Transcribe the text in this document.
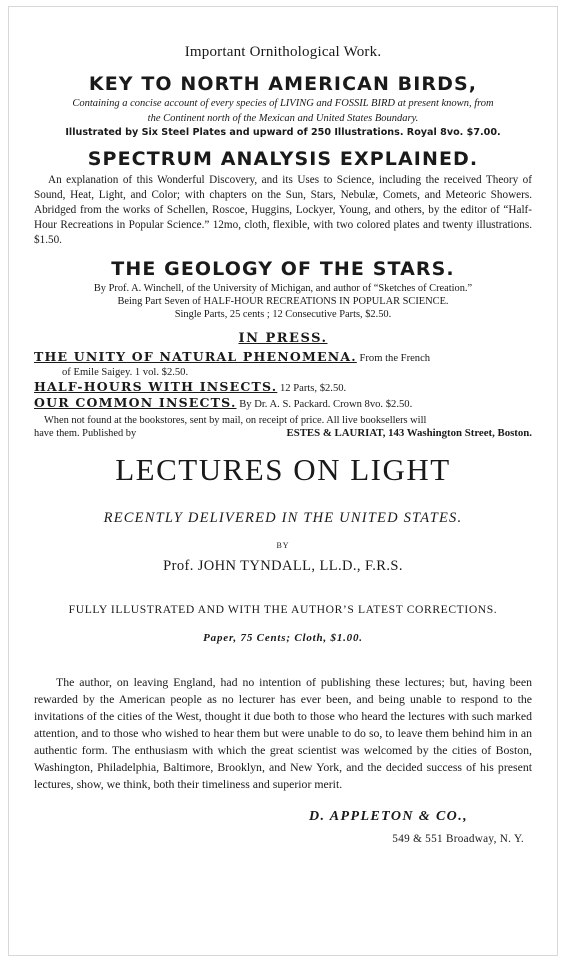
Important Ornithological Work.
KEY TO NORTH AMERICAN BIRDS,
Containing a concise account of every species of LIVING and FOSSIL BIRD at present known, from
the Continent north of the Mexican and United States Boundary.
Illustrated by Six Steel Plates and upward of 250 Illustrations. Royal 8vo. $7.00.
SPECTRUM ANALYSIS EXPLAINED.
An explanation of this Wonderful Discovery, and its Uses to Science, including the received Theory of Sound, Heat, Light, and Color; with chapters on the Sun, Stars, Nebulæ, Comets, and Meteoric Showers. Abridged from the works of Schellen, Roscoe, Huggins, Lockyer, Young, and others, by the editor of “Half-Hour Recreations in Popular Science.” 12mo, cloth, flexible, with two colored plates and twenty illustrations. $1.50.
THE GEOLOGY OF THE STARS.
By Prof. A. Winchell, of the University of Michigan, and author of “Sketches of Creation.”
Being Part Seven of HALF-HOUR RECREATIONS IN POPULAR SCIENCE.
Single Parts, 25 cents ; 12 Consecutive Parts, $2.50.
IN PRESS.
THE UNITY OF NATURAL PHENOMENA. From the French
of Emile Saigey. 1 vol. $2.50.
HALF-HOURS WITH INSECTS. 12 Parts, $2.50.
OUR COMMON INSECTS. By Dr. A. S. Packard. Crown 8vo. $2.50.
When not found at the bookstores, sent by mail, on receipt of price. All live booksellers will
have them. Published by	ESTES & LAURIAT, 143 Washington Street, Boston.
LECTURES ON LIGHT
RECENTLY DELIVERED IN THE UNITED STATES.
BY
Prof. JOHN TYNDALL, LL.D., F.R.S.
FULLY ILLUSTRATED AND WITH THE AUTHOR’S LATEST CORRECTIONS.
Paper, 75 Cents; Cloth, $1.00.
The author, on leaving England, had no intention of publishing these lectures; but, having been rewarded by the American people as no lecturer has ever been, and being unable to respond to the invitations of the cities of the West, thought it due both to those who heard the lectures with such marked attention, and to those who wished to hear them but were unable to do so, to leave them behind him in an authentic form. The enthusiasm with which the great scientist was welcomed by the cities of Boston, Washington, Philadelphia, Baltimore, Brooklyn, and New York, and the decided success of his present lectures, show, we think, both their timeliness and superior merit.
D. APPLETON & CO.,
549 & 551 Broadway, N. Y.
